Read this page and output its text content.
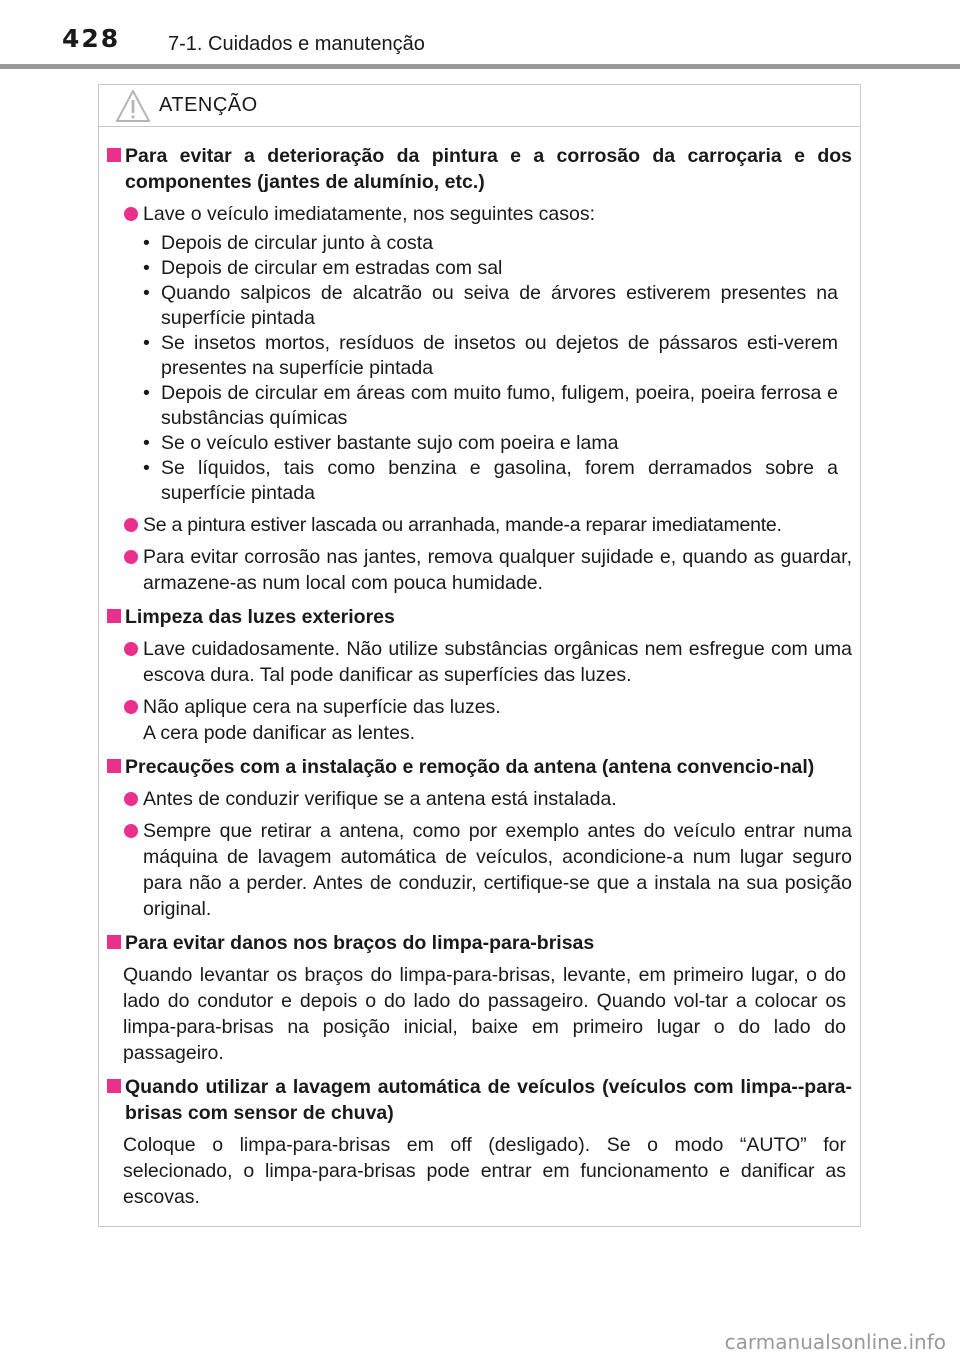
428 7-1. Cuidados e manutenção
ATENÇÃO
Para evitar a deterioração da pintura e a corrosão da carroçaria e dos componentes (jantes de alumínio, etc.)
Lave o veículo imediatamente, nos seguintes casos:
• Depois de circular junto à costa
• Depois de circular em estradas com sal
• Quando salpicos de alcatrão ou seiva de árvores estiverem presentes na superfície pintada
• Se insetos mortos, resíduos de insetos ou dejetos de pássaros esti-verem presentes na superfície pintada
• Depois de circular em áreas com muito fumo, fuligem, poeira, poeira ferrosa e substâncias químicas
• Se o veículo estiver bastante sujo com poeira e lama
• Se líquidos, tais como benzina e gasolina, forem derramados sobre a superfície pintada
Se a pintura estiver lascada ou arranhada, mande-a reparar imediatamente.
Para evitar corrosão nas jantes, remova qualquer sujidade e, quando as guardar, armazene-as num local com pouca humidade.
Limpeza das luzes exteriores
Lave cuidadosamente. Não utilize substâncias orgânicas nem esfregue com uma escova dura. Tal pode danificar as superfícies das luzes.
Não aplique cera na superfície das luzes.
A cera pode danificar as lentes.
Precauções com a instalação e remoção da antena (antena convencio-nal)
Antes de conduzir verifique se a antena está instalada.
Sempre que retirar a antena, como por exemplo antes do veículo entrar numa máquina de lavagem automática de veículos, acondicione-a num lugar seguro para não a perder. Antes de conduzir, certifique-se que a instala na sua posição original.
Para evitar danos nos braços do limpa-para-brisas
Quando levantar os braços do limpa-para-brisas, levante, em primeiro lugar, o do lado do condutor e depois o do lado do passageiro. Quando vol-tar a colocar os limpa-para-brisas na posição inicial, baixe em primeiro lugar o do lado do passageiro.
Quando utilizar a lavagem automática de veículos (veículos com limpa--para-brisas com sensor de chuva)
Coloque o limpa-para-brisas em off (desligado). Se o modo “AUTO” for selecionado, o limpa-para-brisas pode entrar em funcionamento e danificar as escovas.
carmanualsonline.info
